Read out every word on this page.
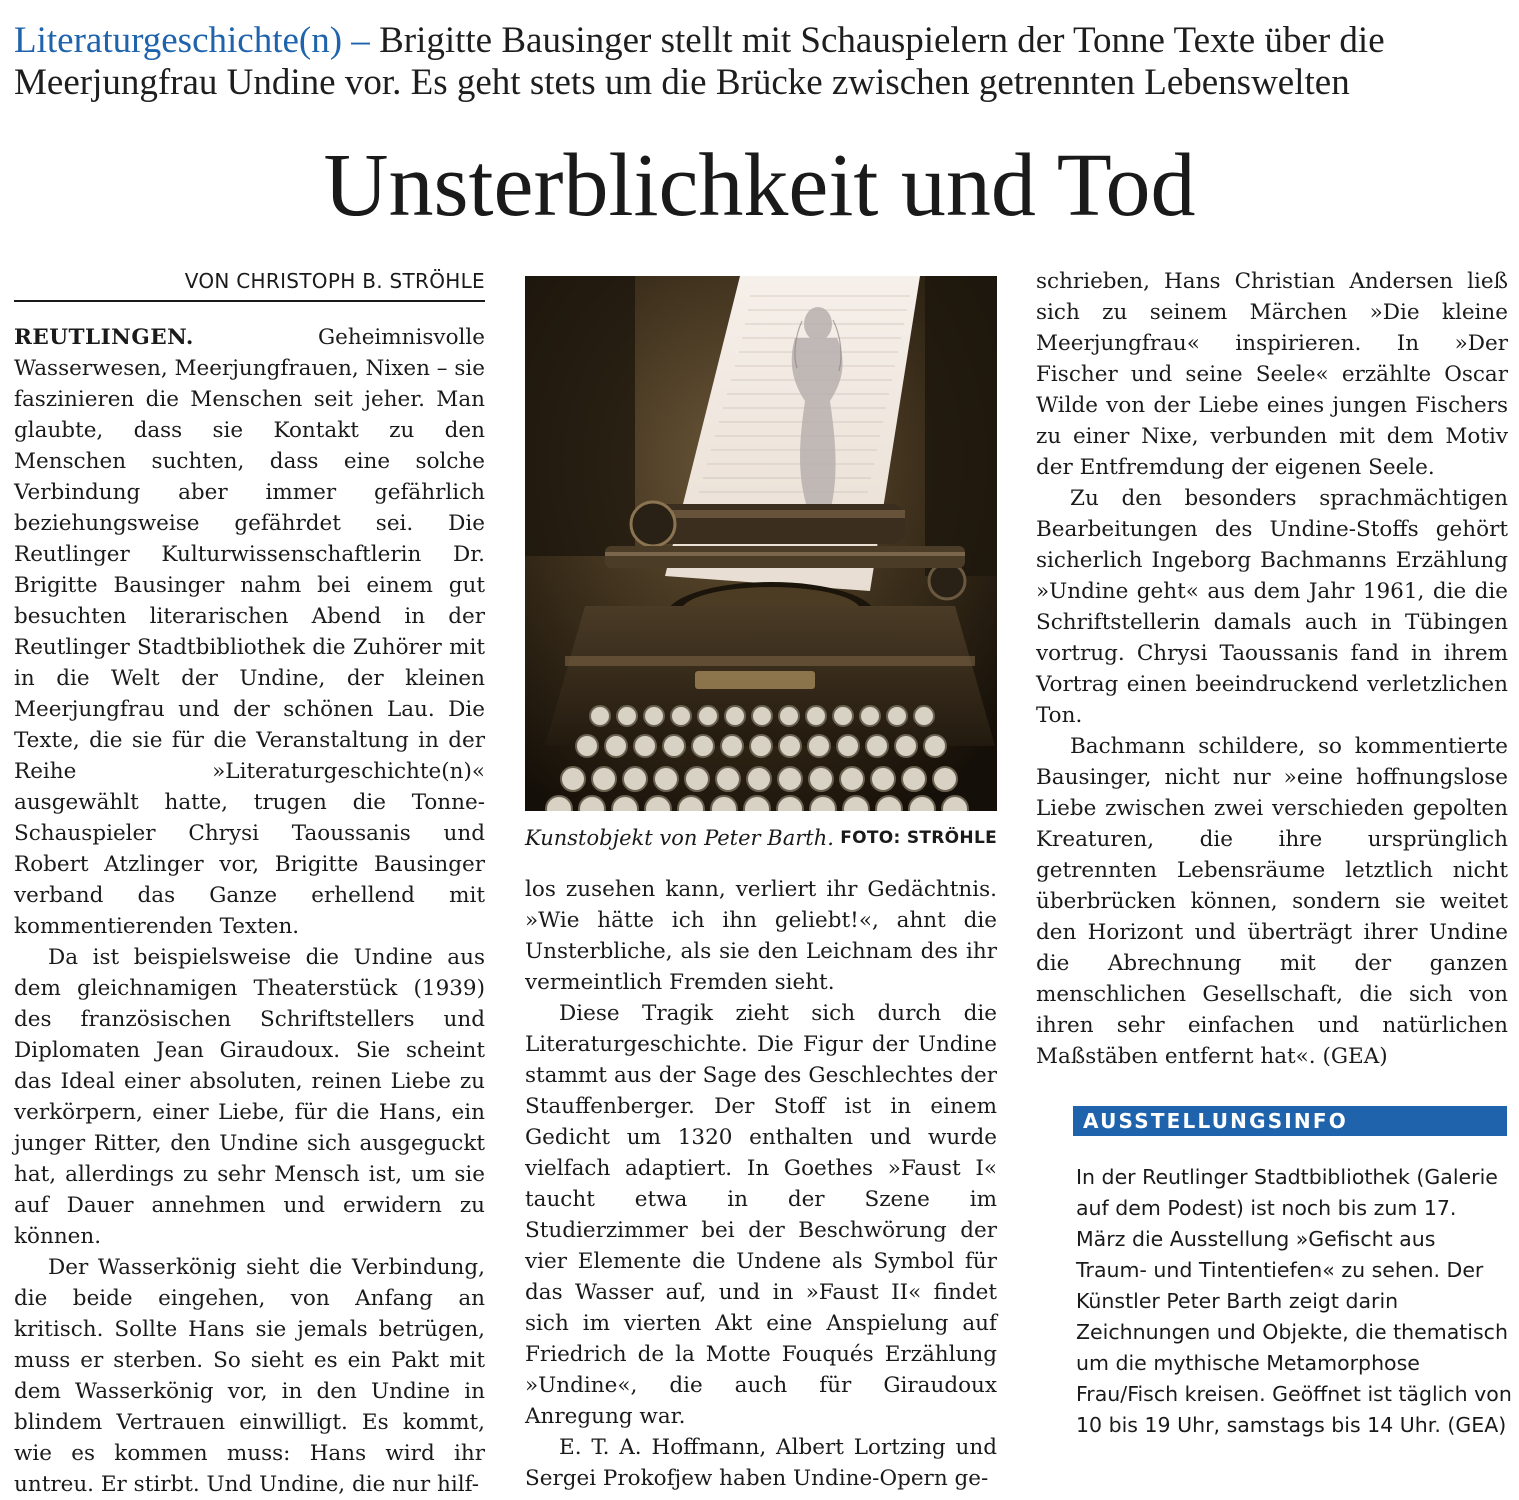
Literaturgeschichte(n) – Brigitte Bausinger stellt mit Schauspielern der Tonne Texte über die Meerjungfrau Undine vor. Es geht stets um die Brücke zwischen getrennten Lebenswelten
Unsterblichkeit und Tod
VON CHRISTOPH B. STRÖHLE

REUTLINGEN. Geheimnisvolle Wasserwesen, Meerjungfrauen, Nixen – sie faszinieren die Menschen seit jeher. Man glaubte, dass sie Kontakt zu den Menschen suchten, dass eine solche Verbindung aber immer gefährlich beziehungsweise gefährdet sei. Die Reutlinger Kulturwissenschaftlerin Dr. Brigitte Bausinger nahm bei einem gut besuchten literarischen Abend in der Reutlinger Stadtbibliothek die Zuhörer mit in die Welt der Undine, der kleinen Meerjungfrau und der schönen Lau. Die Texte, die sie für die Veranstaltung in der Reihe »Literaturgeschichte(n)« ausgewählt hatte, trugen die Tonne-Schauspieler Chrysi Taoussanis und Robert Atzlinger vor, Brigitte Bausinger verband das Ganze erhellend mit kommentierenden Texten.

Da ist beispielsweise die Undine aus dem gleichnamigen Theaterstück (1939) des französischen Schriftstellers und Diplomaten Jean Giraudoux. Sie scheint das Ideal einer absoluten, reinen Liebe zu verkörpern, einer Liebe, für die Hans, ein junger Ritter, den Undine sich ausgeguckt hat, allerdings zu sehr Mensch ist, um sie auf Dauer annehmen und erwidern zu können.

Der Wasserkönig sieht die Verbindung, die beide eingehen, von Anfang an kritisch. Sollte Hans sie jemals betrügen, muss er sterben. So sieht es ein Pakt mit dem Wasserkönig vor, in den Undine in blindem Vertrauen einwilligt. Es kommt, wie es kommen muss: Hans wird ihr untreu. Er stirbt. Und Undine, die nur hilf-

FOTO: STRÖHLE
Kunstobjekt von Peter Barth.

los zusehen kann, verliert ihr Gedächtnis. »Wie hätte ich ihn geliebt!«, ahnt die Unsterbliche, als sie den Leichnam des ihr vermeintlich Fremden sieht.

Diese Tragik zieht sich durch die Literaturgeschichte. Die Figur der Undine stammt aus der Sage des Geschlechtes der Stauffenberger. Der Stoff ist in einem Gedicht um 1320 enthalten und wurde vielfach adaptiert. In Goethes »Faust I« taucht etwa in der Szene im Studierzimmer bei der Beschwörung der vier Elemente die Undene als Symbol für das Wasser auf, und in »Faust II« findet sich im vierten Akt eine Anspielung auf Friedrich de la Motte Fouqués Erzählung »Undine«, die auch für Giraudoux Anregung war.

E. T. A. Hoffmann, Albert Lortzing und Sergei Prokofjew haben Undine-Opern ge-

schrieben, Hans Christian Andersen ließ sich zu seinem Märchen »Die kleine Meerjungfrau« inspirieren. In »Der Fischer und seine Seele« erzählte Oscar Wilde von der Liebe eines jungen Fischers zu einer Nixe, verbunden mit dem Motiv der Entfremdung der eigenen Seele.

Zu den besonders sprachmächtigen Bearbeitungen des Undine-Stoffs gehört sicherlich Ingeborg Bachmanns Erzählung »Undine geht« aus dem Jahr 1961, die die Schriftstellerin damals auch in Tübingen vortrug. Chrysi Taoussanis fand in ihrem Vortrag einen beeindruckend verletzlichen Ton.

Bachmann schildere, so kommentierte Bausinger, nicht nur »eine hoffnungslose Liebe zwischen zwei verschieden gepolten Kreaturen, die ihre ursprünglich getrennten Lebensräume letztlich nicht überbrücken können, sondern sie weitet den Horizont und überträgt ihrer Undine die Abrechnung mit der ganzen menschlichen Gesellschaft, die sich von ihren sehr einfachen und natürlichen Maßstäben entfernt hat«. (GEA)

AUSSTELLUNGSINFO
In der Reutlinger Stadtbibliothek (Galerie auf dem Podest) ist noch bis zum 17. März die Ausstellung »Gefischt aus Traum- und Tintentiefen« zu sehen. Der Künstler Peter Barth zeigt darin Zeichnungen und Objekte, die thematisch um die mythische Metamorphose Frau/Fisch kreisen. Geöffnet ist täglich von 10 bis 19 Uhr, samstags bis 14 Uhr. (GEA)
